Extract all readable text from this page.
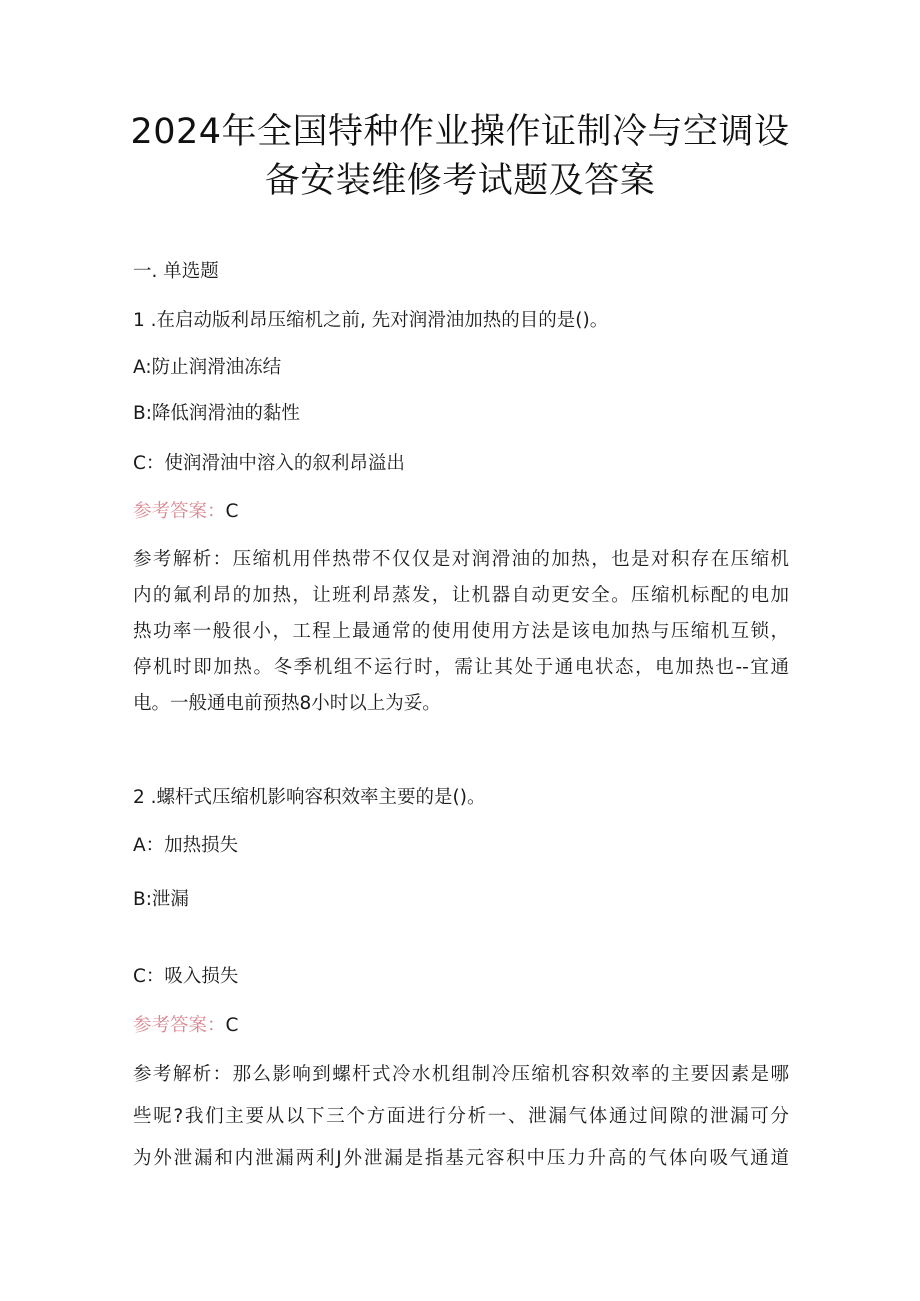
2024年全国特种作业操作证制冷与空调设
备安装维修考试题及答案
一. 单选题
1 .在启动版利昂压缩机之前, 先对润滑油加热的目的是()。
A:防止润滑油冻结
B:降低润滑油的黏性
C：使润滑油中溶入的叙利昂溢出
参考答案：C
参考解析：压缩机用伴热带不仅仅是对润滑油的加热，也是对积存在压缩机
内的氟利昂的加热，让班利昂蒸发，让机器自动更安全。压缩机标配的电加
热功率一般很小，工程上最通常的使用使用方法是该电加热与压缩机互锁，
停机时即加热。冬季机组不运行时，需让其处于通电状态，电加热也--宜通
电。一般通电前预热8小时以上为妥。
2 .螺杆式压缩机影响容积效率主要的是()。
A：加热损失
B:泄漏
C：吸入损失
参考答案：C
参考解析：那么影响到螺杆式冷水机组制冷压缩机容积效率的主要因素是哪
些呢?我们主要从以下三个方面进行分析一、泄漏气体通过间隙的泄漏可分
为外泄漏和内泄漏两利J外泄漏是指基元容积中压力升高的气体向吸气通道
